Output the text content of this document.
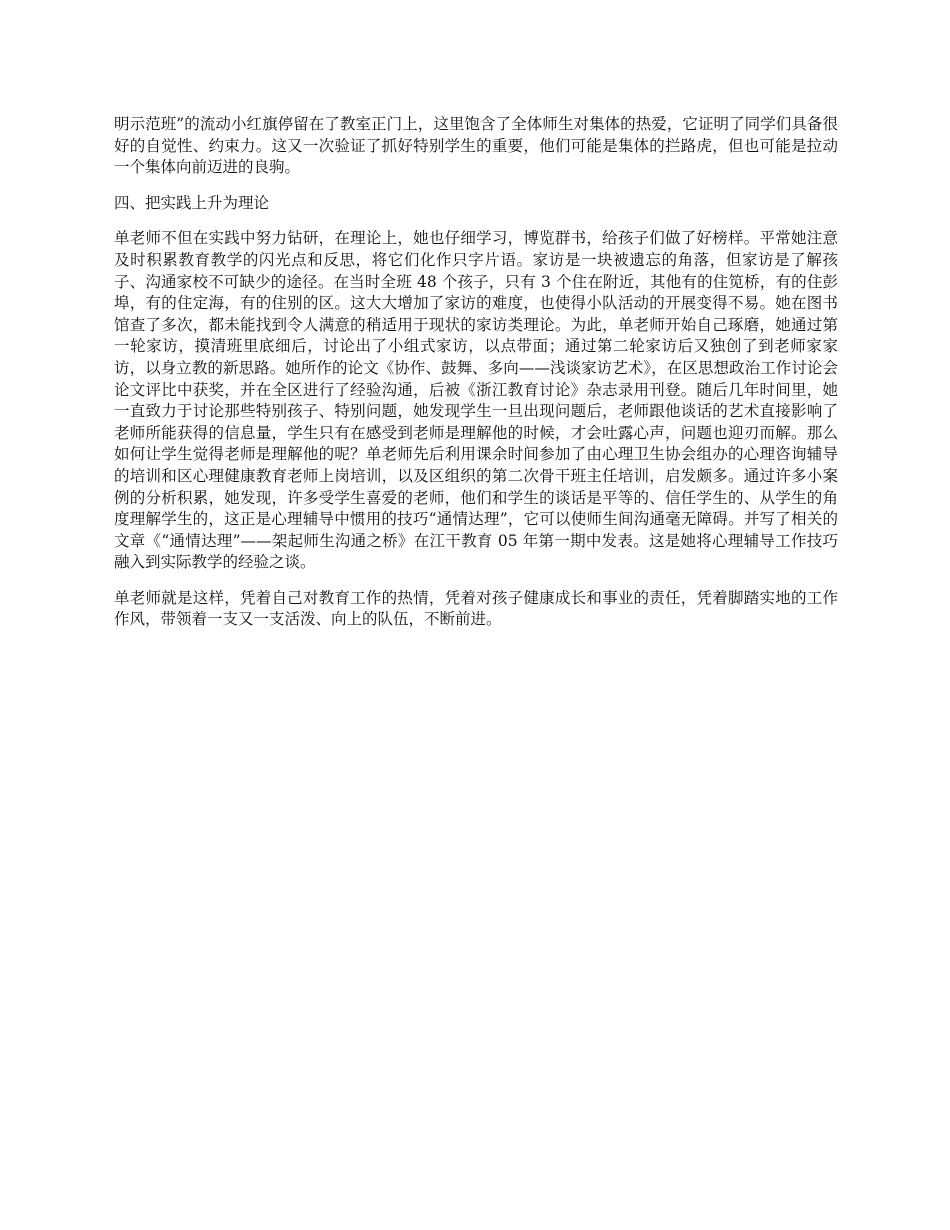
明示范班”的流动小红旗停留在了教室正门上，这里饱含了全体师生对集体的热爱，它证明了同学们具备很好的自觉性、约束力。这又一次验证了抓好特别学生的重要，他们可能是集体的拦路虎，但也可能是拉动一个集体向前迈进的良驹。

四、把实践上升为理论

单老师不但在实践中努力钻研，在理论上，她也仔细学习，博览群书，给孩子们做了好榜样。平常她注意及时积累教育教学的闪光点和反思，将它们化作只字片语。家访是一块被遗忘的角落，但家访是了解孩子、沟通家校不可缺少的途径。在当时全班 48 个孩子，只有 3 个住在附近，其他有的住笕桥，有的住彭埠，有的住定海，有的住别的区。这大大增加了家访的难度，也使得小队活动的开展变得不易。她在图书馆查了多次，都未能找到令人满意的稍适用于现状的家访类理论。为此，单老师开始自己琢磨，她通过第一轮家访，摸清班里底细后，讨论出了小组式家访，以点带面；通过第二轮家访后又独创了到老师家家访，以身立教的新思路。她所作的论文《协作、鼓舞、多向——浅谈家访艺术》，在区思想政治工作讨论会论文评比中获奖，并在全区进行了经验沟通，后被《浙江教育讨论》杂志录用刊登。随后几年时间里，她一直致力于讨论那些特别孩子、特别问题，她发现学生一旦出现问题后，老师跟他谈话的艺术直接影响了老师所能获得的信息量，学生只有在感受到老师是理解他的时候，才会吐露心声，问题也迎刃而解。那么如何让学生觉得老师是理解他的呢？单老师先后利用课余时间参加了由心理卫生协会组办的心理咨询辅导的培训和区心理健康教育老师上岗培训，以及区组织的第二次骨干班主任培训，启发颇多。通过许多小案例的分析积累，她发现，许多受学生喜爱的老师，他们和学生的谈话是平等的、信任学生的、从学生的角度理解学生的，这正是心理辅导中惯用的技巧“通情达理”，它可以使师生间沟通毫无障碍。并写了相关的文章《“通情达理”——架起师生沟通之桥》在江干教育 05 年第一期中发表。这是她将心理辅导工作技巧融入到实际教学的经验之谈。

单老师就是这样，凭着自己对教育工作的热情，凭着对孩子健康成长和事业的责任，凭着脚踏实地的工作作风，带领着一支又一支活泼、向上的队伍，不断前进。
